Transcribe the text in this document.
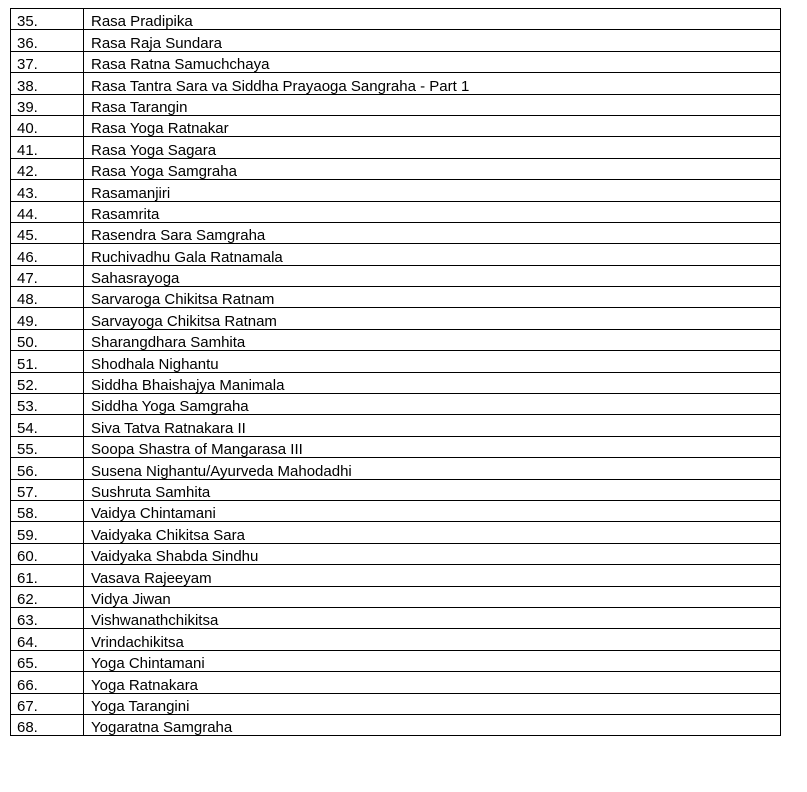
35.	Rasa Pradipika
36.	Rasa Raja Sundara
37.	Rasa Ratna Samuchchaya
38.	Rasa Tantra Sara va Siddha Prayaoga Sangraha - Part 1
39.	Rasa Tarangin
40.	Rasa Yoga Ratnakar
41.	Rasa Yoga Sagara
42.	Rasa Yoga Samgraha
43.	Rasamanjiri
44.	Rasamrita
45.	Rasendra Sara Samgraha
46.	Ruchivadhu Gala Ratnamala
47.	Sahasrayoga
48.	Sarvaroga Chikitsa Ratnam
49.	Sarvayoga Chikitsa Ratnam
50.	Sharangdhara Samhita
51.	Shodhala Nighantu
52.	Siddha Bhaishajya Manimala
53.	Siddha Yoga Samgraha
54.	Siva Tatva Ratnakara II
55.	Soopa Shastra of Mangarasa III
56.	Susena Nighantu/Ayurveda Mahodadhi
57.	Sushruta Samhita
58.	Vaidya Chintamani
59.	Vaidyaka Chikitsa Sara
60.	Vaidyaka Shabda Sindhu
61.	Vasava Rajeeyam
62.	Vidya Jiwan
63.	Vishwanathchikitsa
64.	Vrindachikitsa
65.	Yoga Chintamani
66.	Yoga Ratnakara
67.	Yoga Tarangini
68.	Yogaratna Samgraha
